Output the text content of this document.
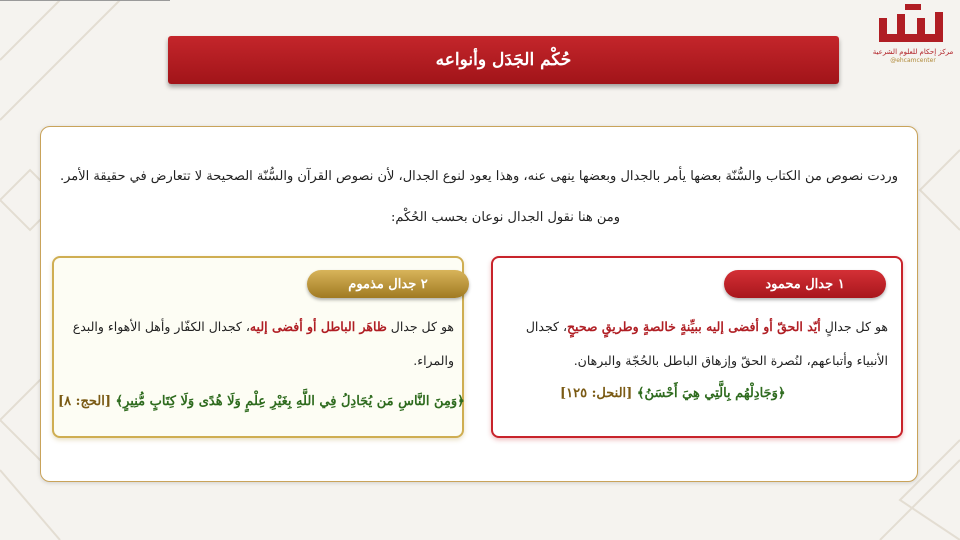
مركز إحكام للعلوم الشرعية
@ehcamcenter
حُكْم الجَدَل وأنواعه
وردت نصوص من الكتاب والسُّنّة بعضها يأمر بالجدال وبعضها ينهى عنه، وهذا يعود لنوع الجدال، لأن نصوص القرآن والسُّنّة الصحيحة لا تتعارض في حقيقة الأمر.
ومن هنا نقول الجدال نوعان بحسب الحُكْم:
١ جدال محمود
٢ جدال مذموم
هو كل جدالٍ أيّد الحقّ أو أفضى إليه ببيِّنةٍ خالصةٍ وطريقٍ صحيحٍ، كجدال الأنبياء وأتباعهم، لنُصرة الحقّ وإزهاق الباطل بالحُجّة والبرهان.
هو كل جدال ظاهَر الباطل أو أفضى إليه، كجدال الكفّار وأهل الأهواء والبدع والمراء.
﴿وَجَادِلْهُم بِالَّتِي هِيَ أَحْسَنُ﴾ [النحل: ١٢٥]
﴿وَمِنَ النَّاسِ مَن يُجَادِلُ فِي اللَّهِ بِغَيْرِ عِلْمٍ وَلَا هُدًى وَلَا كِتَابٍ مُّنِيرٍ﴾ [الحج: ٨]
